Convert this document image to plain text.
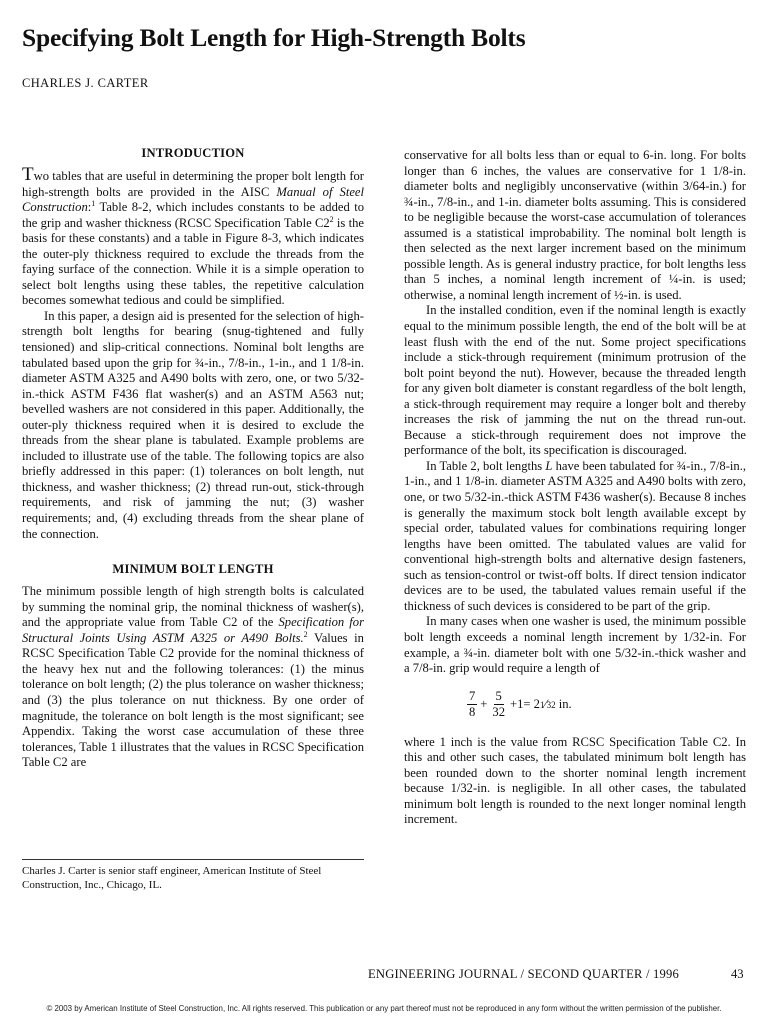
Specifying Bolt Length for High-Strength Bolts
CHARLES J. CARTER
INTRODUCTION

Two tables that are useful in determining the proper bolt length for high-strength bolts are provided in the AISC Manual of Steel Construction:$^1$ Table 8-2, which includes constants to be added to the grip and washer thickness (RCSC Specification Table $C2^2$ is the basis for these constants) and a table in Figure 8-3, which indicates the outer-ply thickness required to exclude the threads from the faying surface of the connection. While it is a simple operation to select bolt lengths using these tables, the repetitive calculation becomes somewhat tedious and could be simplified.

In this paper, a design aid is presented for the selection of high-strength bolt lengths for bearing (snug-tightened and fully tensioned) and slip-critical connections. Nominal bolt lengths are tabulated based upon the grip for ¾-in., 7/8-in., 1-in., and 1 1/8-in. diameter ASTM A325 and A490 bolts with zero, one, or two 5/32-in.-thick ASTM F436 flat washer(s) and an ASTM A563 nut; bevelled washers are not considered in this paper. Additionally, the outer-ply thickness required when it is desired to exclude the threads from the shear plane is tabulated. Example problems are included to illustrate use of the table. The following topics are also briefly addressed in this paper: (1) tolerances on bolt length, nut thickness, and washer thickness; (2) thread run-out, stick-through requirements, and risk of jamming the nut; (3) washer requirements; and, (4) excluding threads from the shear plane of the connection.

MINIMUM BOLT LENGTH

The minimum possible length of high strength bolts is calculated by summing the nominal grip, the nominal thickness of washer(s), and the appropriate value from Table C2 of the Specification for Structural Joints Using ASTM A325 or A490 Bolts.$^2$ Values in RCSC Specification Table C2 provide for the nominal thickness of the heavy hex nut and the following tolerances: (1) the minus tolerance on bolt length; (2) the plus tolerance on washer thickness; and (3) the plus tolerance on nut thickness. By one order of magnitude, the tolerance on bolt length is the most significant; see Appendix. Taking the worst case accumulation of these three tolerances, Table 1 illustrates that the values in RCSC Specification Table C2 are

Charles J. Carter is senior staff engineer, American Institute of Steel Construction, Inc., Chicago, IL.

conservative for all bolts less than or equal to 6-in. long. For bolts longer than 6 inches, the values are conservative for 1 1/8-in. diameter bolts and negligibly unconservative (within 3/64-in.) for ¾-in., 7/8-in., and 1-in. diameter bolts assuming. This is considered to be negligible because the worst-case accumulation of tolerances assumed is a statistical improbability. The nominal bolt length is then selected as the next larger increment based on the minimum possible length. As is general industry practice, for bolt lengths less than 5 inches, a nominal length increment of ¼-in. is used; otherwise, a nominal length increment of ½-in. is used.

In the installed condition, even if the nominal length is exactly equal to the minimum possible length, the end of the bolt will be at least flush with the end of the nut. Some project specifications include a stick-through requirement (minimum protrusion of the bolt point beyond the nut). However, because the threaded length for any given bolt diameter is constant regardless of the bolt length, a stick-through requirement may require a longer bolt and thereby increases the risk of jamming the nut on the thread run-out. Because a stick-through requirement does not improve the performance of the bolt, its specification is discouraged.

In Table 2, bolt lengths L have been tabulated for ¾-in., 7/8-in., 1-in., and 1 1/8-in. diameter ASTM A325 and A490 bolts with zero, one, or two 5/32-in.-thick ASTM F436 washer(s). Because 8 inches is generally the maximum stock bolt length available except by special order, tabulated values for combinations requiring longer lengths have been omitted. The tabulated values are valid for conventional high-strength bolts and alternative design fasteners, such as tension-control or twist-off bolts. If direct tension indicator devices are to be used, the tabulated values remain useful if the thickness of such devices is considered to be part of the grip.

In many cases when one washer is used, the minimum possible bolt length exceeds a nominal length increment by 1/32-in. For example, a ¾-in. diameter bolt with one 5/32-in.-thick washer and a 7/8-in. grip would require a length of

$\frac{7}{8} + \frac{5}{32} +1=$
2 1 ⁄ 32
in.

where 1 inch is the value from RCSC Specification Table C2. In this and other such cases, the tabulated minimum bolt length has been rounded down to the shorter nominal length increment because 1/32-in. is negligible. In all other cases, the tabulated minimum bolt length is rounded to the next longer nominal length increment.

ENGINEERING JOURNAL / SECOND QUARTER / 1996	43
© 2003 by American Institute of Steel Construction, Inc. All rights reserved. This publication or any part thereof must not be reproduced in any form without the written permission of the publisher.
